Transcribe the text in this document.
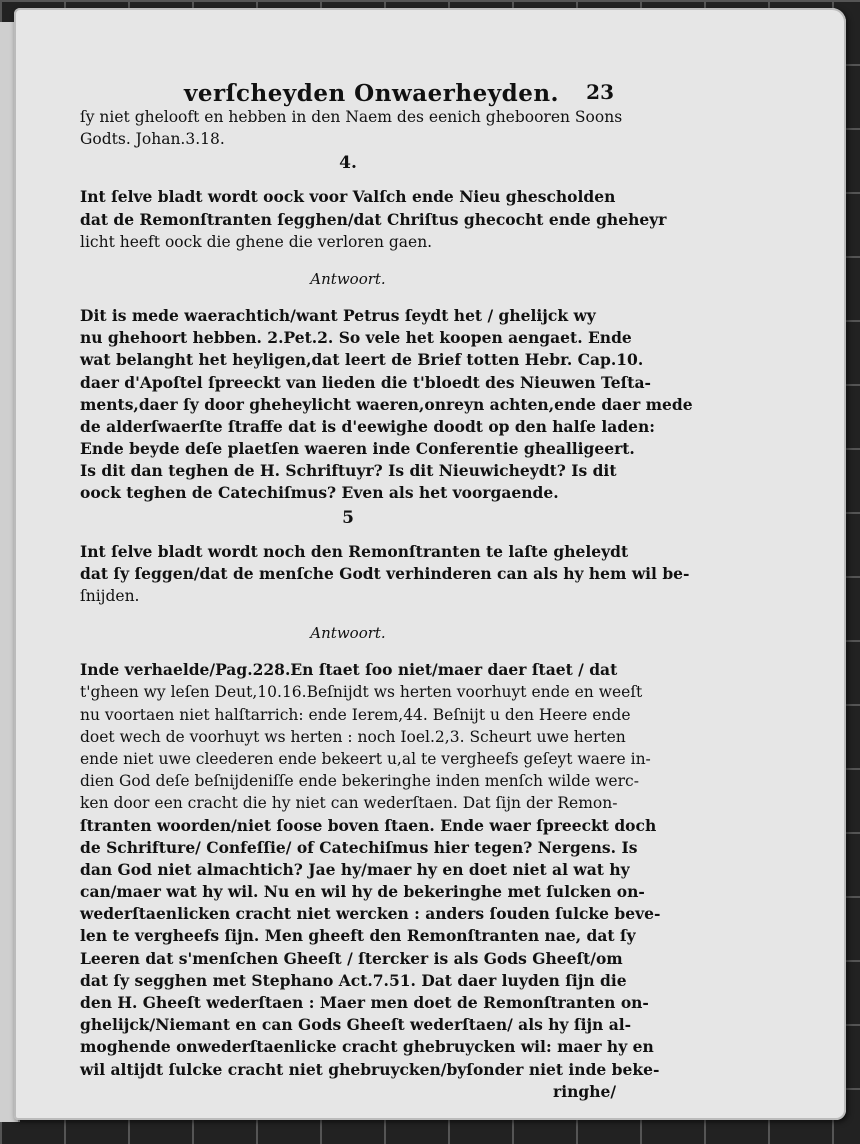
verſcheyden Onwaerheyden. 23
ſy niet ghelooft en hebben in den Naem des eenich ghebooren Soons
Godts. Johan.3.18.
4.
Int ſelve bladt wordt oock voor Valſch ende Nieu ghescholden
dat de Remonſtranten ſegghen/dat Chriſtus ghecocht ende gheheyr
licht heeft oock die ghene die verloren gaen.
Antwoort.
Dit is mede waerachtich/want Petrus ſeydt het / ghelijck wy
nu ghehoort hebben. 2.Pet.2. So vele het koopen aengaet. Ende
wat belanght het heyligen,dat leert de Brief totten Hebr. Cap.10.
daer d'Apoſtel ſpreeckt van lieden die t'bloedt des Nieuwen Teſta-
ments,daer ſy door gheheylicht waeren,onreyn achten,ende daer mede
de alderſwaerſte ſtraffe dat is d'eewighe doodt op den halſe laden:
Ende beyde deſe plaetſen waeren inde Conferentie ghealligeert.
Is dit dan teghen de H. Schriftuyr? Is dit Nieuwicheydt? Is dit
oock teghen de Catechiſmus? Even als het voorgaende.
5
Int ſelve bladt wordt noch den Remonſtranten te laſte gheleydt
dat ſy ſeggen/dat de menſche Godt verhinderen can als hy hem wil be-
ſnijden.
Antwoort.
Inde verhaelde/Pag.228.En ſtaet ſoo niet/maer daer ſtaet / dat
t'gheen wy leſen Deut,10.16.Beſnijdt ws herten voorhuyt ende en weeſt
nu voortaen niet halſtarrich: ende Ierem,44. Beſnijt u den Heere ende
doet wech de voorhuyt ws herten : noch Ioel.2,3. Scheurt uwe herten
ende niet uwe cleederen ende bekeert u,al te vergheefs geſeyt waere in-
dien God deſe beſnijdeniſſe ende bekeringhe inden menſch wilde werc-
ken door een cracht die hy niet can wederſtaen. Dat ſijn der Remon-
ſtranten woorden/niet ſoose boven ſtaen. Ende waer ſpreeckt doch
de Schrifture/ Confeſſie/ of Catechiſmus hier tegen? Nergens. Is
dan God niet almachtich? Jae hy/maer hy en doet niet al wat hy
can/maer wat hy wil. Nu en wil hy de bekeringhe met ſulcken on-
wederſtaenlicken cracht niet wercken : anders ſouden ſulcke beve-
len te vergheefs ſijn. Men gheeft den Remonſtranten nae, dat ſy
Leeren dat s'menſchen Gheeſt / ſtercker is als Gods Gheeſt/om
dat ſy segghen met Stephano Act.7.51. Dat daer luyden ſijn die
den H. Gheeſt wederſtaen : Maer men doet de Remonſtranten on-
ghelijck/Niemant en can Gods Gheeſt wederſtaen/ als hy ſijn al-
moghende onwederſtaenlicke cracht ghebruycken wil: maer hy en
wil altijdt ſulcke cracht niet ghebruycken/byſonder niet inde beke-
ringhe/
